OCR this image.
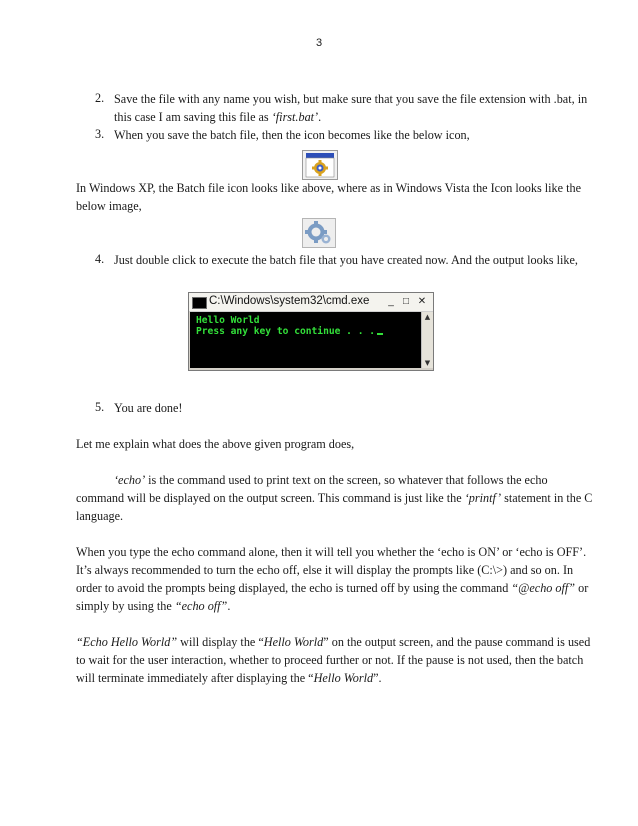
3
2. Save the file with any name you wish, but make sure that you save the file extension with .bat, in
this case I am saving this file as ‘first.bat’.
3. When you save the batch file, then the icon becomes like the below icon,
In Windows XP, the Batch file icon looks like above, where as in Windows Vista the Icon looks like the
below image,
4. Just double click to execute the batch file that you have created now. And the output looks like,
C:\Windows\system32\cmd.exe	_ □ ✕
Hello World
Press any key to continue . . .
▲
▼
5. You are done!
Let me explain what does the above given program does,
‘echo’ is the command used to print text on the screen, so whatever that follows the echo
command will be displayed on the output screen. This command is just like the ‘printf’ statement in the C
language.
When you type the echo command alone, then it will tell you whether the ‘echo is ON’ or ‘echo is OFF’.
It’s always recommended to turn the echo off, else it will display the prompts like (C:\>) and so on. In
order to avoid the prompts being displayed, the echo is turned off by using the command “@echo off” or
simply by using the “echo off”.
“Echo Hello World” will display the “Hello World” on the output screen, and the pause command is used
to wait for the user interaction, whether to proceed further or not. If the pause is not used, then the batch
will terminate immediately after displaying the “Hello World”.
